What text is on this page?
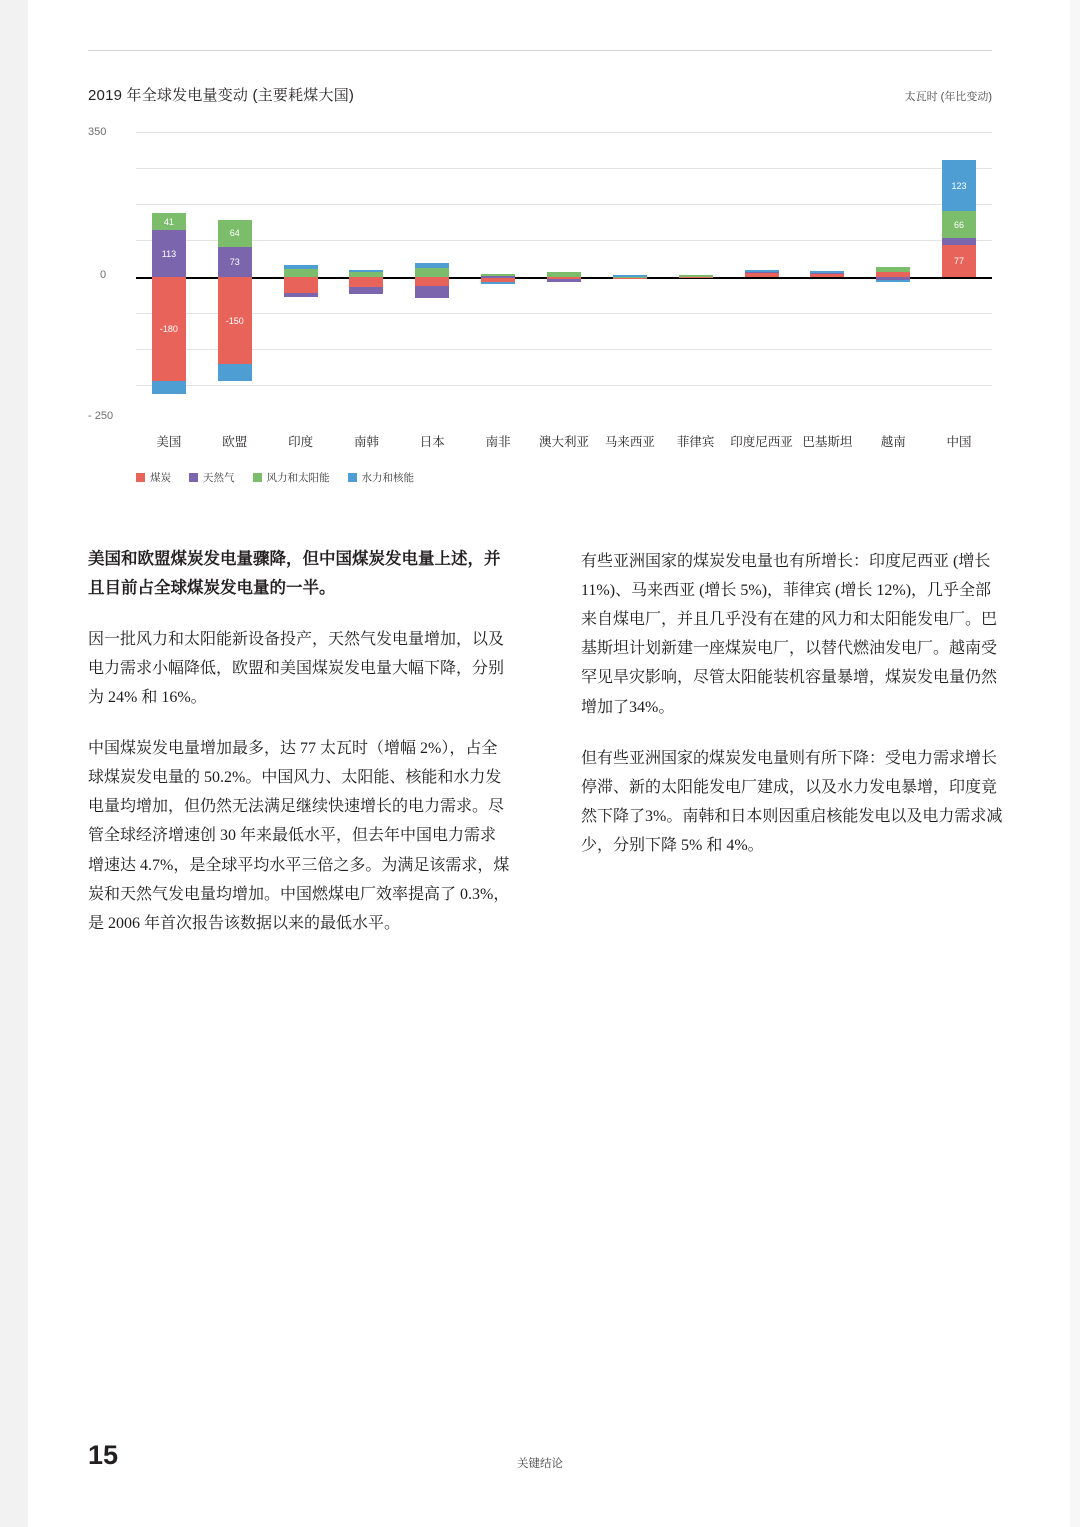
2019 年全球发电量变动 (主要耗煤大国)	太瓦时 (年比变动)
350
- 250
0
-180
113
41
-150
73
64
77
66
123
美国	欧盟	印度	南韩	日本	南非	澳大利亚	马来西亚	菲律宾	印度尼西亚 巴基斯坦	越南	中国
煤炭	天然气	风力和太阳能	水力和核能

美国和欧盟煤炭发电量骤降，但中国煤炭发电量上述，并且目前占全球煤炭发电量的一半。

因一批风力和太阳能新设备投产，天然气发电量增加，以及电力需求小幅降低，欧盟和美国煤炭发电量大幅下降，分别为 24% 和 16%。

中国煤炭发电量增加最多，达 77 太瓦时（增幅 2%），占全球煤炭发电量的 50.2%。中国风力、太阳能、核能和水力发电量均增加，但仍然无法满足继续快速增长的电力需求。尽管全球经济增速创 30 年来最低水平，但去年中国电力需求增速达 4.7%，是全球平均水平三倍之多。为满足该需求，煤炭和天然气发电量均增加。中国燃煤电厂效率提高了 0.3%，是 2006 年首次报告该数据以来的最低水平。

有些亚洲国家的煤炭发电量也有所增长：印度尼西亚 (增长 11%)、马来西亚 (增长 5%)，菲律宾 (增长 12%)，几乎全部来自煤电厂，并且几乎没有在建的风力和太阳能发电厂。巴基斯坦计划新建一座煤炭电厂，以替代燃油发电厂。越南受罕见旱灾影响，尽管太阳能装机容量暴增，煤炭发电量仍然增加了34%。

但有些亚洲国家的煤炭发电量则有所下降：受电力需求增长停滞、新的太阳能发电厂建成，以及水力发电暴增，印度竟然下降了3%。南韩和日本则因重启核能发电以及电力需求减少，分别下降 5% 和 4%。

15	关键结论
